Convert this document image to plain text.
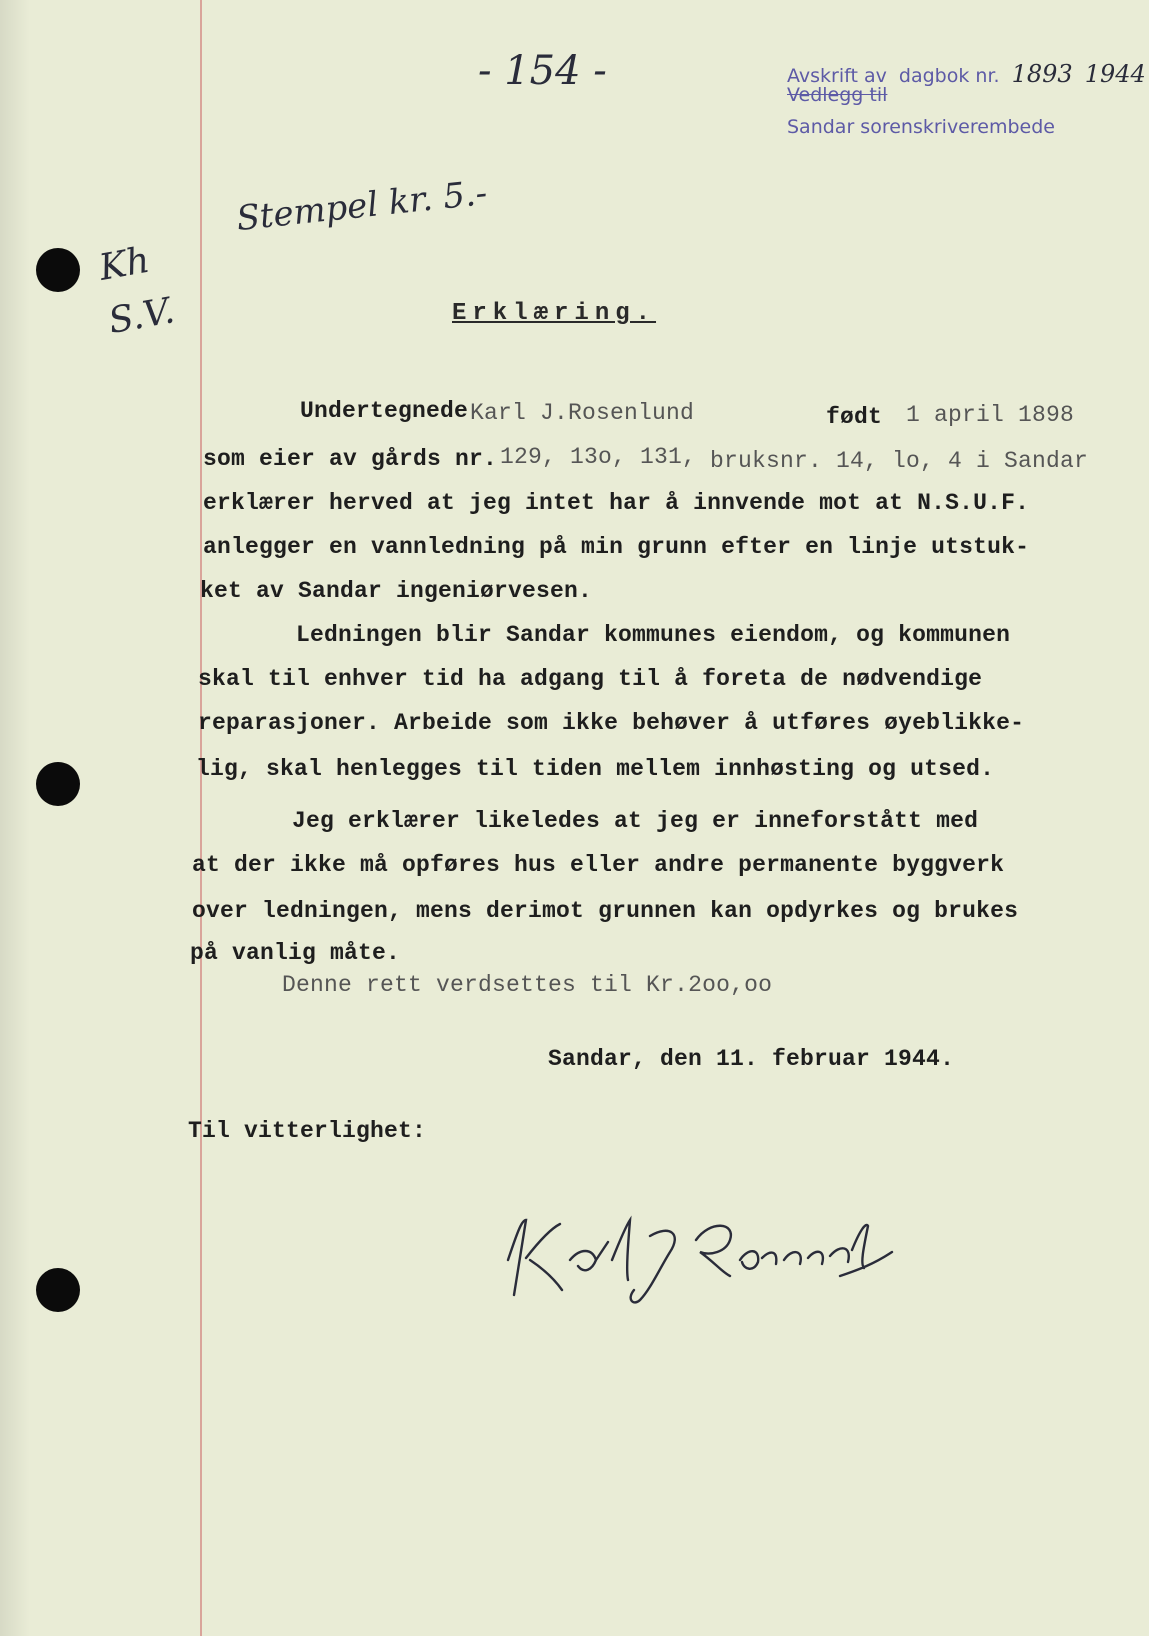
- 154 -	Avskrift av dagbok nr. 1893 1944
Vedlegg til
Sandar sorenskriverembede
Stempel kr. 5.-
Kh
S.V.	Erklæring.
Undertegnede Karl J.Rosenlund	født 1 april 1898
som eier av gårds nr. 129, 13o, 131, bruksnr. 14, lo, 4 i Sandar
erklærer herved at jeg intet har å innvende mot at N.S.U.F.
anlegger en vannledning på min grunn efter en linje utstuk-
ket av Sandar ingeniørvesen.
Ledningen blir Sandar kommunes eiendom, og kommunen
skal til enhver tid ha adgang til å foreta de nødvendige
reparasjoner. Arbeide som ikke behøver å utføres øyeblikke-
lig, skal henlegges til tiden mellem innhøsting og utsed.
Jeg erklærer likeledes at jeg er inneforstått med
at der ikke må opføres hus eller andre permanente byggverk
over ledningen, mens derimot grunnen kan opdyrkes og brukes
på vanlig måte.
Denne rett verdsettes til Kr.2oo,oo
Sandar, den 11. februar 1944.
Til vitterlighet:
